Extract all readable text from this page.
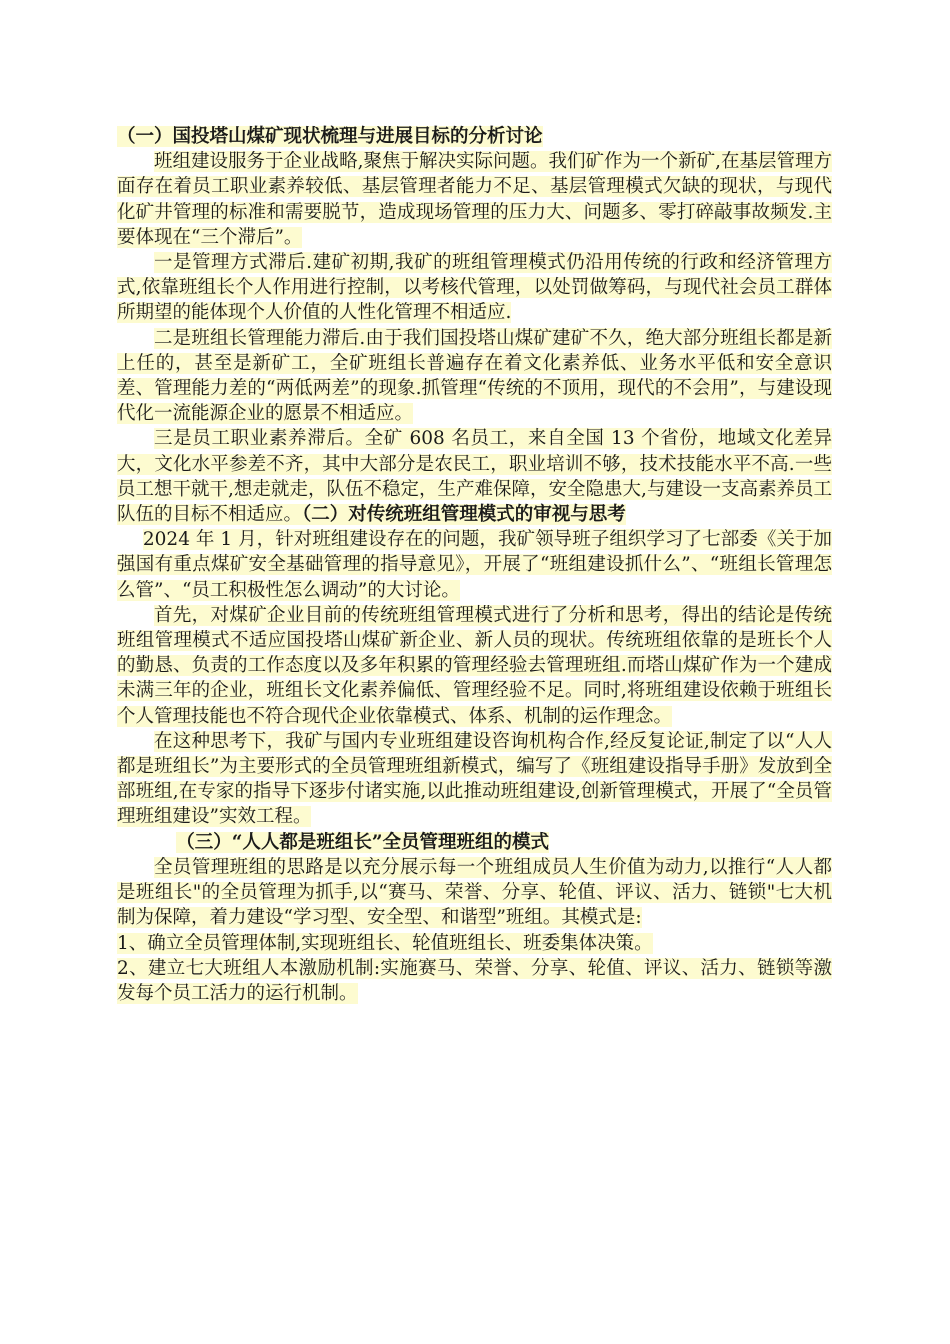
（一）国投塔山煤矿现状梳理与进展目标的分析讨论

班组建设服务于企业战略,聚焦于解决实际问题。我们矿作为一个新矿,在基层管理方面存在着员工职业素养较低、基层管理者能力不足、基层管理模式欠缺的现状，与现代化矿井管理的标准和需要脱节，造成现场管理的压力大、问题多、零打碎敲事故频发.主要体现在“三个滞后”。

一是管理方式滞后.建矿初期,我矿的班组管理模式仍沿用传统的行政和经济管理方式,依靠班组长个人作用进行控制，以考核代管理，以处罚做筹码，与现代社会员工群体所期望的能体现个人价值的人性化管理不相适应.

二是班组长管理能力滞后.由于我们国投塔山煤矿建矿不久，绝大部分班组长都是新上任的，甚至是新矿工，全矿班组长普遍存在着文化素养低、业务水平低和安全意识差、管理能力差的“两低两差”的现象.抓管理“传统的不顶用，现代的不会用”，与建设现代化一流能源企业的愿景不相适应。

三是员工职业素养滞后。全矿 608 名员工，来自全国 13 个省份，地域文化差异大，文化水平参差不齐，其中大部分是农民工，职业培训不够，技术技能水平不高.一些员工想干就干,想走就走，队伍不稳定，生产难保障，安全隐患大,与建设一支高素养员工队伍的目标不相适应。（二）对传统班组管理模式的审视与思考

2024 年 1 月，针对班组建设存在的问题，我矿领导班子组织学习了七部委《关于加强国有重点煤矿安全基础管理的指导意见》，开展了“班组建设抓什么”、“班组长管理怎么管”、“员工积极性怎么调动”的大讨论。

首先，对煤矿企业目前的传统班组管理模式进行了分析和思考，得出的结论是传统班组管理模式不适应国投塔山煤矿新企业、新人员的现状。传统班组依靠的是班长个人的勤恳、负责的工作态度以及多年积累的管理经验去管理班组.而塔山煤矿作为一个建成未满三年的企业，班组长文化素养偏低、管理经验不足。同时,将班组建设依赖于班组长个人管理技能也不符合现代企业依靠模式、体系、机制的运作理念。

在这种思考下，我矿与国内专业班组建设咨询机构合作,经反复论证,制定了以“人人都是班组长”为主要形式的全员管理班组新模式，编写了《班组建设指导手册》发放到全部班组,在专家的指导下逐步付诸实施,以此推动班组建设,创新管理模式，开展了“全员管理班组建设”实效工程。

（三）“人人都是班组长”全员管理班组的模式

全员管理班组的思路是以充分展示每一个班组成员人生价值为动力,以推行“人人都是班组长"的全员管理为抓手,以“赛马、荣誉、分享、轮值、评议、活力、链锁"七大机制为保障，着力建设“学习型、安全型、和谐型”班组。其模式是:

1、确立全员管理体制,实现班组长、轮值班组长、班委集体决策。

2、建立七大班组人本激励机制:实施赛马、荣誉、分享、轮值、评议、活力、链锁等激发每个员工活力的运行机制。
